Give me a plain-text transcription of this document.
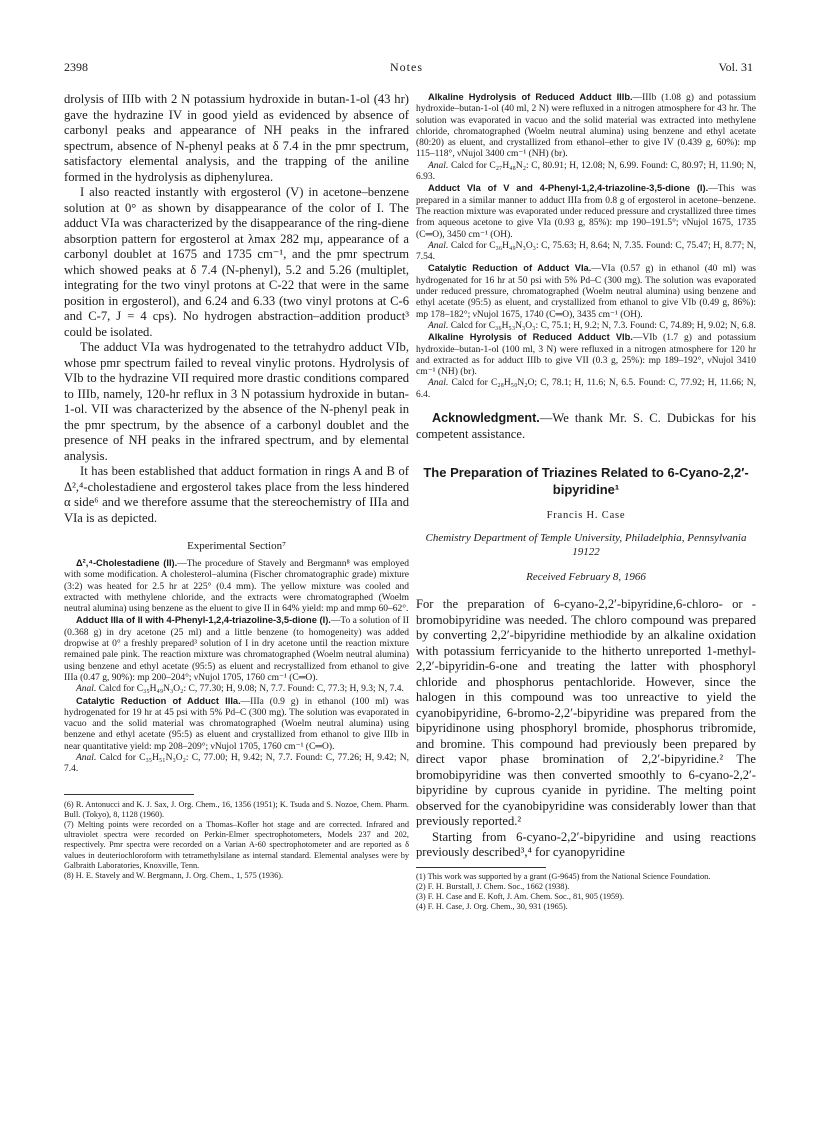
2398	Notes	Vol. 31

drolysis of IIIb with 2 N potassium hydroxide in butan-1-ol (43 hr) gave the hydrazine IV in good yield as evidenced by absence of carbonyl peaks and appearance of NH peaks in the infrared spectrum, absence of N-phenyl peaks at δ 7.4 in the pmr spectrum, satisfactory elemental analysis, and the trapping of the aniline formed in the hydrolysis as diphenylurea.

I also reacted instantly with ergosterol (V) in acetone–benzene solution at 0° as shown by disappearance of the color of I. The adduct VIa was characterized by the disappearance of the ring-diene absorption pattern for ergosterol at λmax 282 mμ, appearance of a carbonyl doublet at 1675 and 1735 cm⁻¹, and the pmr spectrum which showed peaks at δ 7.4 (N-phenyl), 5.2 and 5.26 (multiplet, integrating for the two vinyl protons at C-22 that were in the same position in ergosterol), and 6.24 and 6.33 (two vinyl protons at C-6 and C-7, J = 4 cps). No hydrogen abstraction–addition product³ could be isolated.

The adduct VIa was hydrogenated to the tetrahydro adduct VIb, whose pmr spectrum failed to reveal vinylic protons. Hydrolysis of VIb to the hydrazine VII required more drastic conditions compared to IIIb, namely, 120-hr reflux in 3 N potassium hydroxide in butan-1-ol. VII was characterized by the absence of the N-phenyl peak in the pmr spectrum, by the absence of a carbonyl doublet and the presence of NH peaks in the infrared spectrum, and by elemental analysis.

It has been established that adduct formation in rings A and B of Δ²,⁴-cholestadiene and ergosterol takes place from the less hindered α side⁶ and we therefore assume that the stereochemistry of IIIa and VIa is as depicted.

Experimental Section⁷

Δ²,⁴-Cholestadiene (II).—The procedure of Stavely and Bergmann⁸ was employed with some modification. A cholesterol–alumina (Fischer chromatographic grade) mixture (3:2) was heated for 2.5 hr at 225° (0.4 mm). The yellow mixture was cooled and extracted with methylene chloride, and the extracts were chromatographed (Woelm neutral alumina) using benzene as the eluent to give II in 64% yield: mp and mmp 60–62°.

Adduct IIIa of II with 4-Phenyl-1,2,4-triazoline-3,5-dione (I).—To a solution of II (0.368 g) in dry acetone (25 ml) and a little benzene (to homogeneity) was added dropwise at 0° a freshly prepared³ solution of I in dry acetone until the reaction mixture remained pale pink. The reaction mixture was chromatographed (Woelm neutral alumina) using benzene and ethyl acetate (95:5) as eluent and recrystallized from ethanol to give IIIa (0.47 g, 90%): mp 200–204°; νNujol 1705, 1760 cm⁻¹ (C═O).

Anal. Calcd for C₃₅H₄₉N₃O₂: C, 77.30; H, 9.08; N, 7.7. Found: C, 77.3; H, 9.3; N, 7.4.

Catalytic Reduction of Adduct IIIa.—IIIa (0.9 g) in ethanol (100 ml) was hydrogenated for 19 hr at 45 psi with 5% Pd–C (300 mg). The solution was evaporated in vacuo and the solid material was chromatographed (Woelm neutral alumina) using benzene and ethyl acetate (95:5) as eluent and crystallized from ethanol to give IIIb in near quantitative yield: mp 208–209°; νNujol 1705, 1760 cm⁻¹ (C═O).

Anal. Calcd for C₃₅H₅₁N₃O₂: C, 77.00; H, 9.42; N, 7.7. Found: C, 77.26; H, 9.42; N, 7.4.

(6) R. Antonucci and K. J. Sax, J. Org. Chem., 16, 1356 (1951); K. Tsuda and S. Nozoe, Chem. Pharm. Bull. (Tokyo), 8, 1128 (1960).

(7) Melting points were recorded on a Thomas–Kofler hot stage and are corrected. Infrared and ultraviolet spectra were recorded on Perkin-Elmer spectrophotometers, Models 237 and 202, respectively. Pmr spectra were recorded on a Varian A-60 spectrophotometer and are reported as δ values in deuteriochloroform with tetramethylsilane as internal standard. Elemental analyses were by Galbraith Laboratories, Knoxville, Tenn.

(8) H. E. Stavely and W. Bergmann, J. Org. Chem., 1, 575 (1936).

Alkaline Hydrolysis of Reduced Adduct IIIb.—IIIb (1.08 g) and potassium hydroxide–butan-1-ol (40 ml, 2 N) were refluxed in a nitrogen atmosphere for 43 hr. The solution was evaporated in vacuo and the solid material was extracted into methylene chloride, chromatographed (Woelm neutral alumina) using benzene and ethyl acetate (80:20) as eluent, and crystallized from ethanol–ether to give IV (0.439 g, 60%): mp 115–118°, νNujol 3400 cm⁻¹ (NH) (br).

Anal. Calcd for C₂₇H₄₈N₂: C, 80.91; H, 12.08; N, 6.99. Found: C, 80.97; H, 11.90; N, 6.93.

Adduct VIa of V and 4-Phenyl-1,2,4-triazoline-3,5-dione (I).—This was prepared in a similar manner to adduct IIIa from 0.8 g of ergosterol in acetone–benzene. The reaction mixture was evaporated under reduced pressure and crystallized three times from aqueous acetone to give VIa (0.93 g, 85%): mp 190–191.5°; νNujol 1675, 1735 (C═O), 3450 cm⁻¹ (OH).

Anal. Calcd for C₃₆H₄₉N₃O₃: C, 75.63; H, 8.64; N, 7.35. Found: C, 75.47; H, 8.77; N, 7.54.

Catalytic Reduction of Adduct VIa.—VIa (0.57 g) in ethanol (40 ml) was hydrogenated for 16 hr at 50 psi with 5% Pd–C (300 mg). The solution was evaporated under reduced pressure, chromatographed (Woelm neutral alumina) using benzene and ethyl acetate (95:5) as eluent, and crystallized from ethanol to give VIb (0.49 g, 86%): mp 178–182°; νNujol 1675, 1740 (C═O), 3435 cm⁻¹ (OH).

Anal. Calcd for C₃₆H₅₃N₃O₃: C, 75.1; H, 9.2; N, 7.3. Found: C, 74.89; H, 9.02; N, 6.8.

Alkaline Hyrolysis of Reduced Adduct VIb.—VIb (1.7 g) and potassium hydroxide–butan-1-ol (100 ml, 3 N) were refluxed in a nitrogen atmosphere for 120 hr and extracted as for adduct IIIb to give VII (0.3 g, 25%): mp 189–192°, νNujol 3410 cm⁻¹ (NH) (br).

Anal. Calcd for C₂₈H₅₀N₂O; C, 78.1; H, 11.6; N, 6.5. Found: C, 77.92; H, 11.66; N, 6.4.

Acknowledgment.—We thank Mr. S. C. Dubickas for his competent assistance.

The Preparation of Triazines Related to 6-Cyano-2,2′-bipyridine¹
Francis H. Case
Chemistry Department of Temple University, Philadelphia, Pennsylvania 19122
Received February 8, 1966

For the preparation of 6-cyano-2,2′-bipyridine,6-chloro- or -bromobipyridine was needed. The chloro compound was prepared by converting 2,2′-bipyridine methiodide by an alkaline oxidation with potassium ferricyanide to the hitherto unreported 1-methyl-2,2′-bipyridin-6-one and treating the latter with phosphoryl chloride and phosphorus pentachloride. However, since the halogen in this compound was too unreactive to yield the cyanobipyridine, 6-bromo-2,2′-bipyridine was prepared from the bipyridinone using phosphoryl bromide, phosphorus tribromide, and bromine. This compound had previously been prepared by direct vapor phase bromination of 2,2′-bipyridine.² The bromobipyridine was then converted smoothly to 6-cyano-2,2′-bipyridine by cuprous cyanide in pyridine. The melting point observed for the cyanobipyridine was considerably lower than that previously reported.²

Starting from 6-cyano-2,2′-bipyridine and using reactions previously described³,⁴ for cyanopyridine

(1) This work was supported by a grant (G-9645) from the National Science Foundation.

(2) F. H. Burstall, J. Chem. Soc., 1662 (1938).

(3) F. H. Case and E. Koft, J. Am. Chem. Soc., 81, 905 (1959).

(4) F. H. Case, J. Org. Chem., 30, 931 (1965).
